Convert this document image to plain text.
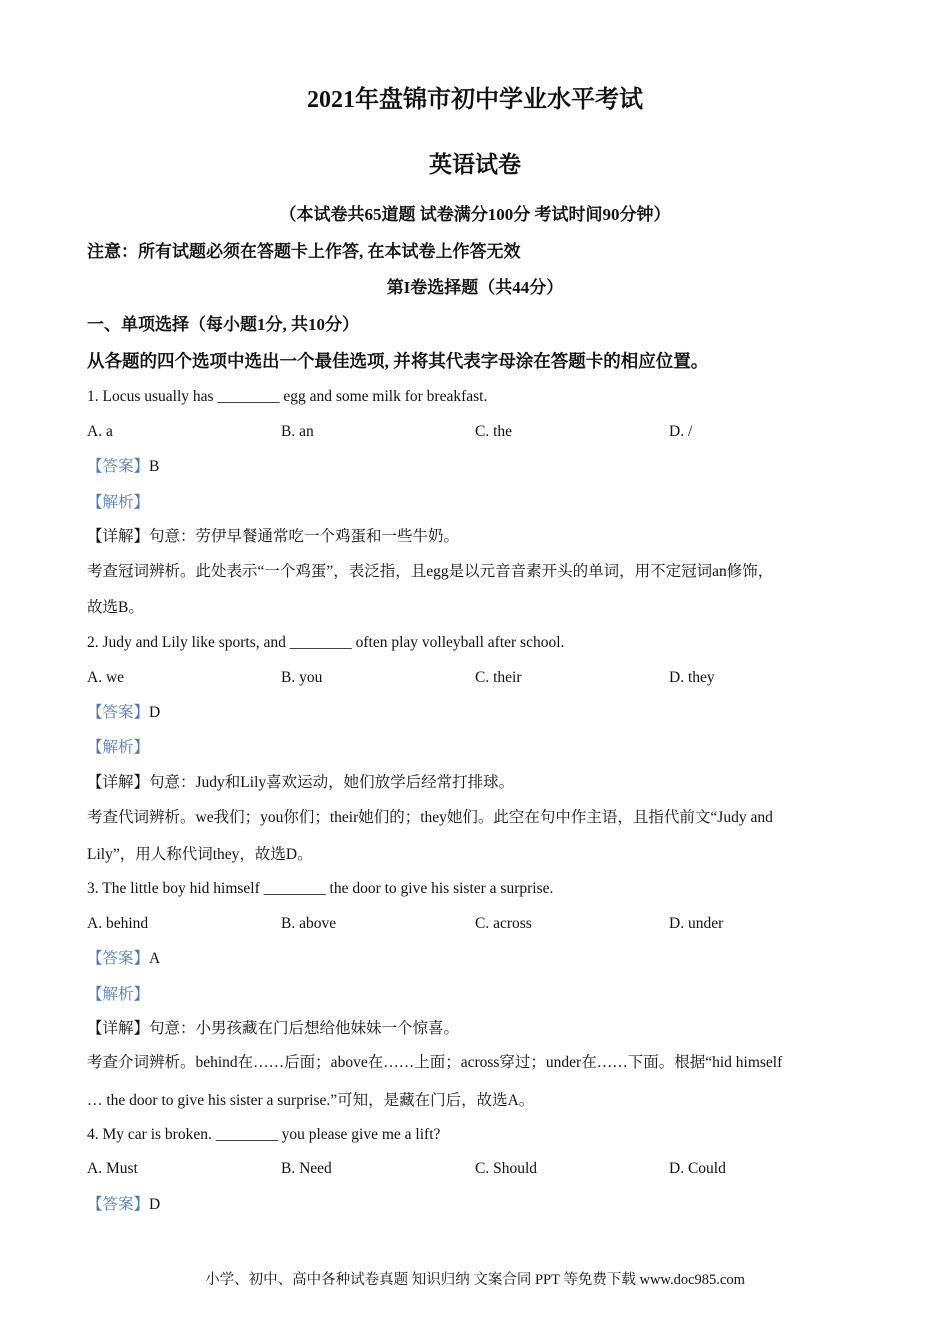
2021年盘锦市初中学业水平考试
英语试卷
（本试卷共65道题 试卷满分100分 考试时间90分钟）
注意：所有试题必须在答题卡上作答, 在本试卷上作答无效
第I卷选择题（共44分）
一、单项选择（每小题1分, 共10分）
从各题的四个选项中选出一个最佳选项, 并将其代表字母涂在答题卡的相应位置。
1. Locus usually has ________ egg and some milk for breakfast.
A. a	B. an	C. the	D. /
【答案】B
【解析】
【详解】句意：劳伊早餐通常吃一个鸡蛋和一些牛奶。
考查冠词辨析。此处表示“一个鸡蛋”，表泛指，且egg是以元音音素开头的单词，用不定冠词an修饰，
故选B。
2. Judy and Lily like sports, and ________ often play volleyball after school.
A. we	B. you	C. their	D. they
【答案】D
【解析】
【详解】句意：Judy和Lily喜欢运动，她们放学后经常打排球。
考查代词辨析。we我们；you你们；their她们的；they她们。此空在句中作主语，且指代前文“Judy and
Lily”，用人称代词they，故选D。
3. The little boy hid himself ________ the door to give his sister a surprise.
A. behind	B. above	C. across	D. under
【答案】A
【解析】
【详解】句意：小男孩藏在门后想给他妹妹一个惊喜。
考查介词辨析。behind在……后面；above在……上面；across穿过；under在……下面。根据“hid himself
… the door to give his sister a surprise.”可知，是藏在门后，故选A。
4. My car is broken. ________ you please give me a lift?
A. Must	B. Need	C. Should	D. Could
【答案】D
小学、初中、高中各种试卷真题 知识归纳 文案合同 PPT 等免费下载 www.doc985.com
